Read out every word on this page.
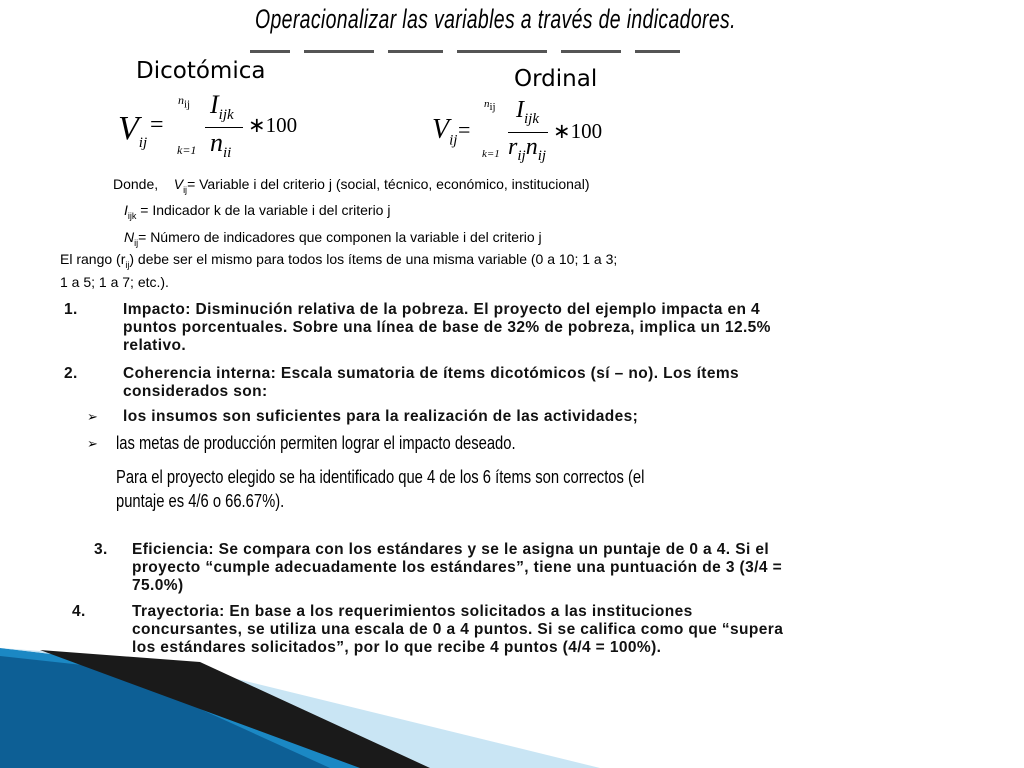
Operacionalizar las variables a través de indicadores.
Dicotómica	Ordinal
$V_{ij}$
=
$n_{ij}$
k=1
$I_{ijk}$
$n_{ii}$
∗100	$V_{ij}$ =
$n_{ij}$
k=1
$I_{ijk}$
$r_{ij}n_{ij}$
∗100
Donde, $V_{ij}=$ Variable i del criterio j (social, técnico, económico, institucional)
$I_{ijk}$ = Indicador k de la variable i del criterio j
$N_{ij}=$ Número de indicadores que componen la variable i del criterio j
El rango $(r_{ij})$ debe ser el mismo para todos los ítems de una misma variable (0 a 10; 1 a 3;
1 a 5; 1 a 7; etc.).
1.	Impacto: Disminución relativa de la pobreza. El proyecto del ejemplo impacta en 4
puntos porcentuales. Sobre una línea de base de 32% de pobreza, implica un 12.5%
relativo.
2.	Coherencia interna: Escala sumatoria de ítems dicotómicos (sí – no). Los ítems
considerados son:
➢ los insumos son suficientes para la realización de las actividades;
➢ las metas de producción permiten lograr el impacto deseado.
Para el proyecto elegido se ha identificado que 4 de los 6 ítems son correctos (el
puntaje es 4/6 o 66.67%).
3. Eficiencia: Se compara con los estándares y se le asigna un puntaje de 0 a 4. Si el
proyecto “cumple adecuadamente los estándares”, tiene una puntuación de 3 (3/4 =
75.0%)
4.	Trayectoria: En base a los requerimientos solicitados a las instituciones
concursantes, se utiliza una escala de 0 a 4 puntos. Si se califica como que “supera
los estándares solicitados”, por lo que recibe 4 puntos (4/4 = 100%).
